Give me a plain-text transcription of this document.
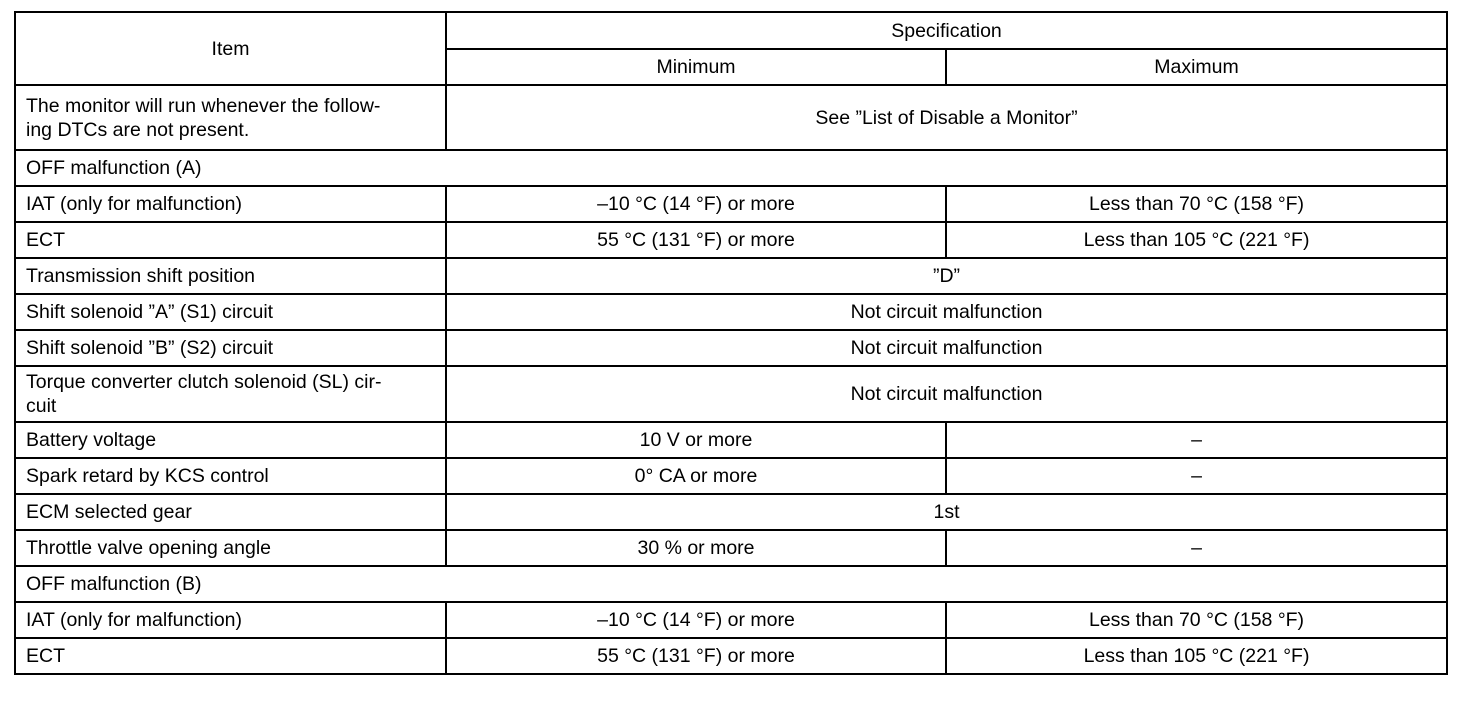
Item	Specification	
	Minimum	Maximum
The monitor will run whenever the follow-
ing DTCs are not present.	See ”List of Disable a Monitor”	
OFF malfunction (A)		
IAT (only for malfunction)	–10 °C (14 °F) or more	Less than 70 °C (158 °F)
ECT	55 °C (131 °F) or more	Less than 105 °C (221 °F)
Transmission shift position	”D”	
Shift solenoid ”A” (S1) circuit	Not circuit malfunction	
Shift solenoid ”B” (S2) circuit	Not circuit malfunction	
Torque converter clutch solenoid (SL) cir-
cuit	Not circuit malfunction	
Battery voltage	10 V or more	–
Spark retard by KCS control	0° CA or more	–
ECM selected gear	1st	
Throttle valve opening angle	30 % or more	–
OFF malfunction (B)		
IAT (only for malfunction)	–10 °C (14 °F) or more	Less than 70 °C (158 °F)
ECT	55 °C (131 °F) or more	Less than 105 °C (221 °F)
